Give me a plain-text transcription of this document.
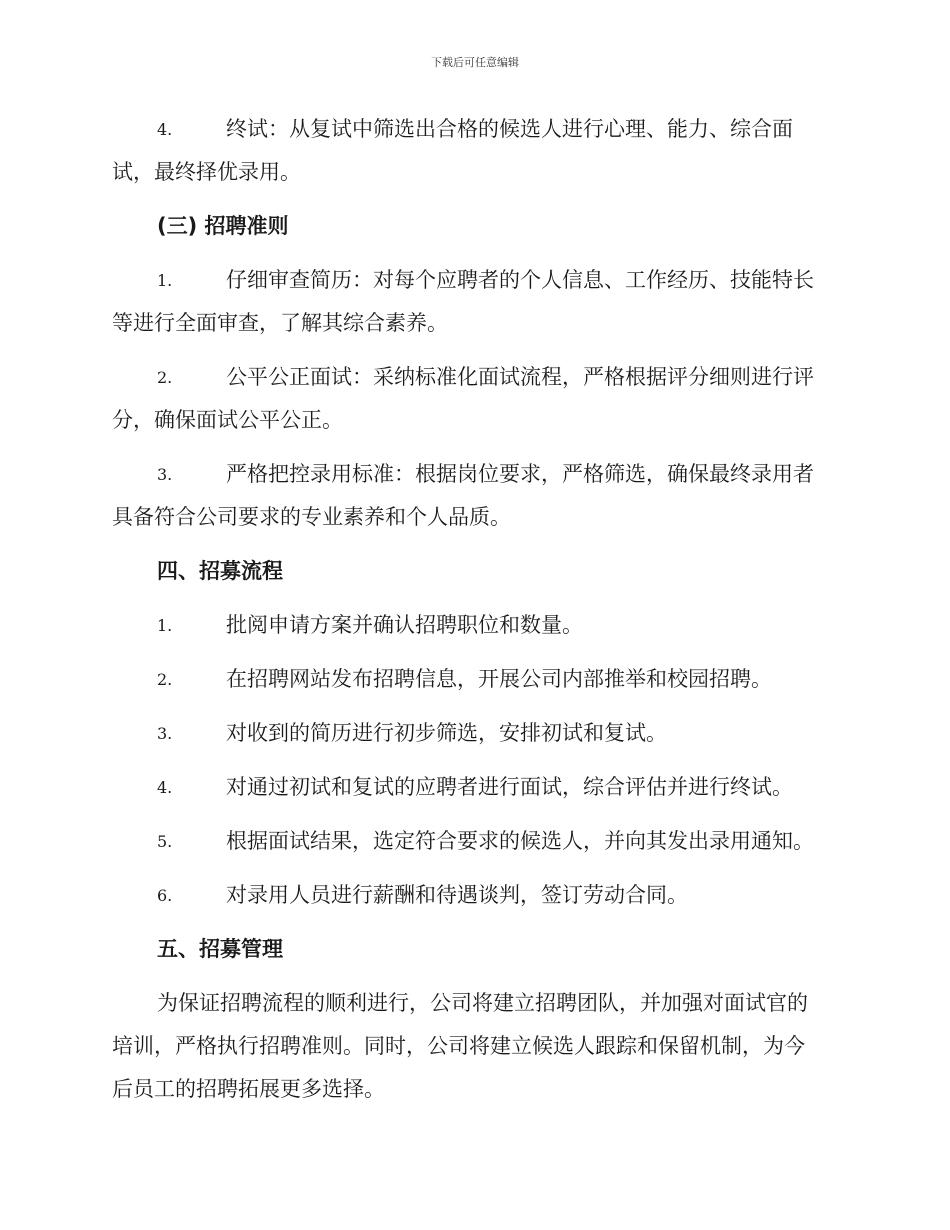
下载后可任意编辑
4.	终试：从复试中筛选出合格的候选人进行心理、能力、综合面
试，最终择优录用。
(三) 招聘准则
1.	仔细审查简历：对每个应聘者的个人信息、工作经历、技能特长
等进行全面审查，了解其综合素养。
2.	公平公正面试：采纳标准化面试流程，严格根据评分细则进行评
分，确保面试公平公正。
3.	严格把控录用标准：根据岗位要求，严格筛选，确保最终录用者
具备符合公司要求的专业素养和个人品质。
四、招募流程
1.	批阅申请方案并确认招聘职位和数量。
2.	在招聘网站发布招聘信息，开展公司内部推举和校园招聘。
3.	对收到的简历进行初步筛选，安排初试和复试。
4.	对通过初试和复试的应聘者进行面试，综合评估并进行终试。
5.	根据面试结果，选定符合要求的候选人，并向其发出录用通知。
6.	对录用人员进行薪酬和待遇谈判，签订劳动合同。
五、招募管理
为保证招聘流程的顺利进行，公司将建立招聘团队，并加强对面试官的
培训，严格执行招聘准则。同时，公司将建立候选人跟踪和保留机制，为今
后员工的招聘拓展更多选择。
